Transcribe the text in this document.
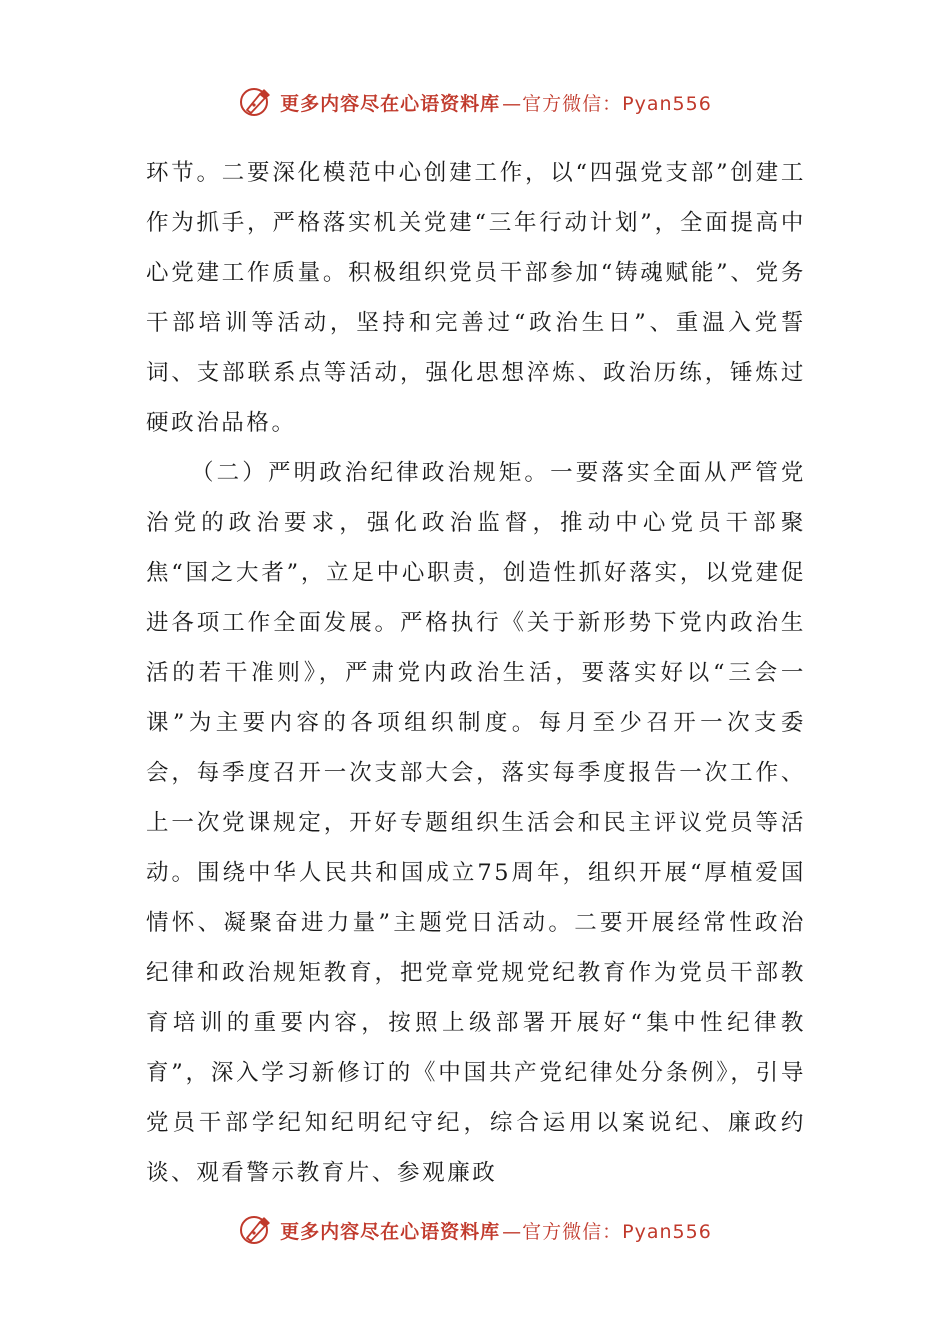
更多内容尽在心语资料库 —官方微信：Pyan556

环节。二要深化模范中心创建工作，以“四强党支部”创建工作为抓手，严格落实机关党建“三年行动计划”，全面提高中心党建工作质量。积极组织党员干部参加“铸魂赋能”、党务干部培训等活动，坚持和完善过“政治生日”、重温入党誓词、支部联系点等活动，强化思想淬炼、政治历练，锤炼过硬政治品格。

（二）严明政治纪律政治规矩。一要落实全面从严管党治党的政治要求，强化政治监督，推动中心党员干部聚焦“国之大者”，立足中心职责，创造性抓好落实，以党建促进各项工作全面发展。严格执行《关于新形势下党内政治生活的若干准则》，严肃党内政治生活，要落实好以“三会一课”为主要内容的各项组织制度。每月至少召开一次支委会，每季度召开一次支部大会，落实每季度报告一次工作、上一次党课规定，开好专题组织生活会和民主评议党员等活动。围绕中华人民共和国成立75周年，组织开展“厚植爱国情怀、凝聚奋进力量”主题党日活动。二要开展经常性政治纪律和政治规矩教育，把党章党规党纪教育作为党员干部教育培训的重要内容，按照上级部署开展好“集中性纪律教育”，深入学习新修订的《中国共产党纪律处分条例》，引导党员干部学纪知纪明纪守纪，综合运用以案说纪、廉政约谈、观看警示教育片、参观廉政

更多内容尽在心语资料库 —官方微信：Pyan556
